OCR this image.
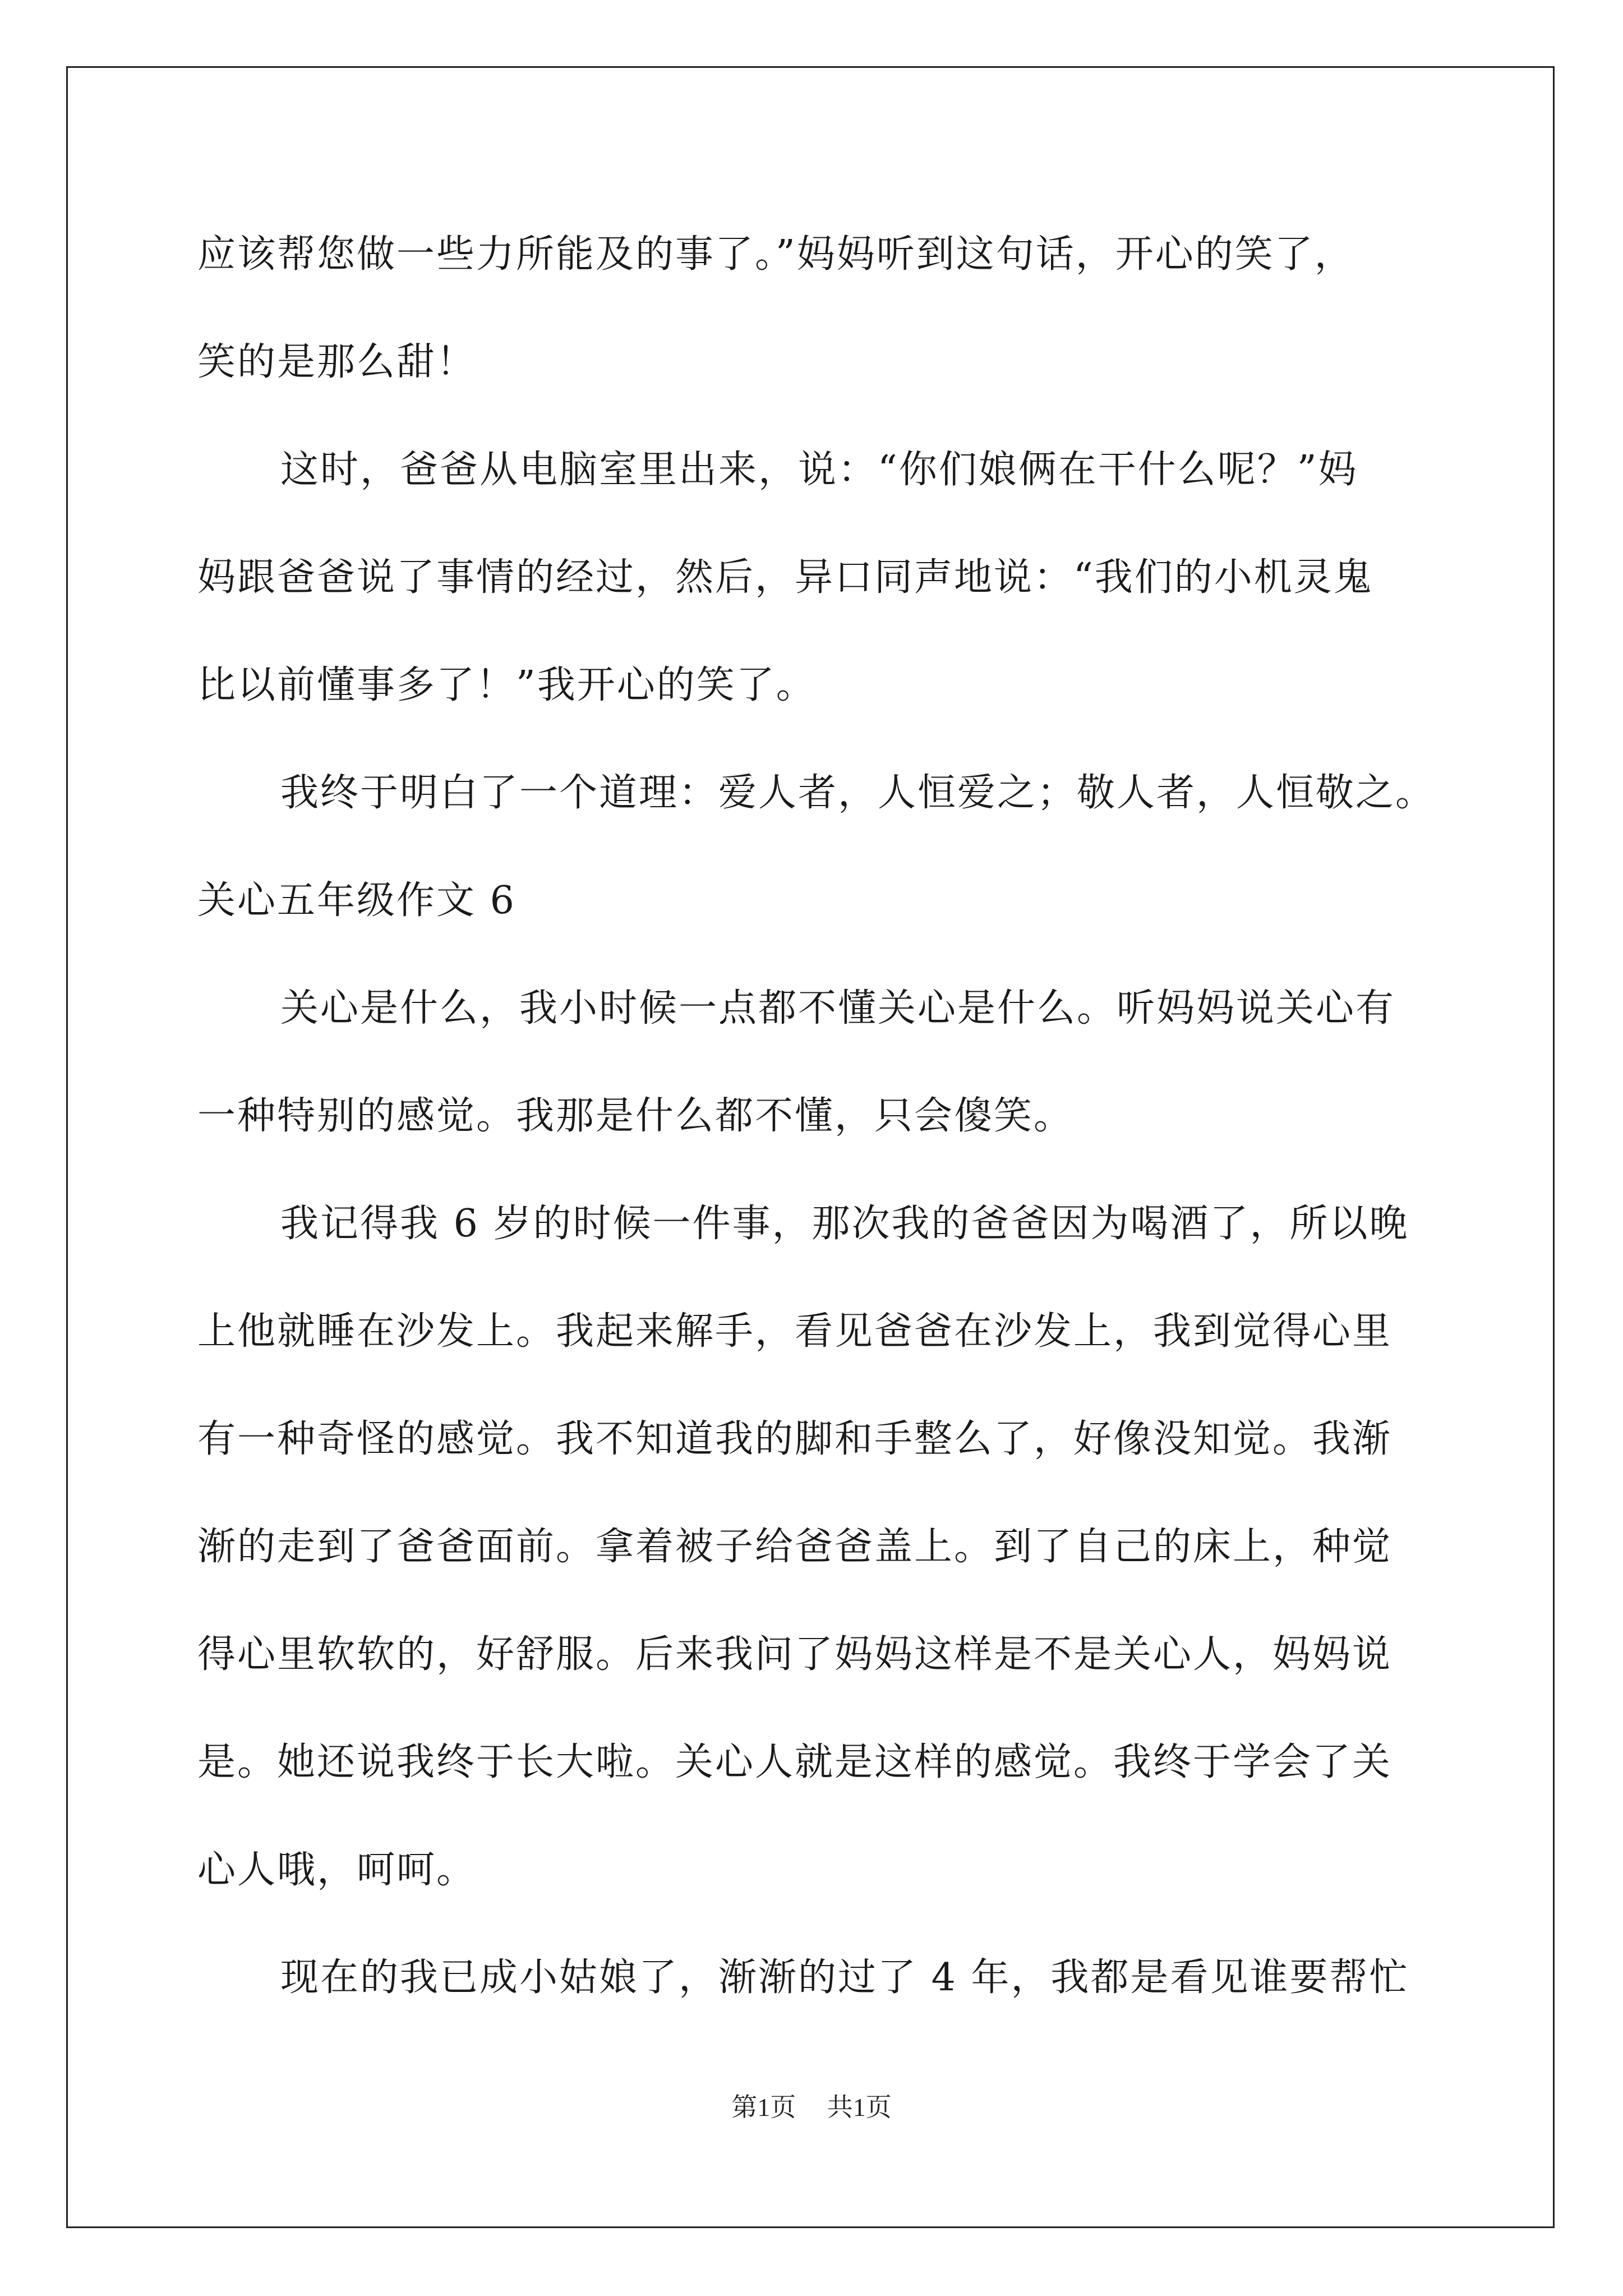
应该帮您做一些力所能及的事了。”妈妈听到这句话，开心的笑了，
笑的是那么甜！
这时，爸爸从电脑室里出来，说：“你们娘俩在干什么呢？”妈
妈跟爸爸说了事情的经过，然后，异口同声地说：“我们的小机灵鬼
比以前懂事多了！”我开心的笑了。
我终于明白了一个道理：爱人者，人恒爱之；敬人者，人恒敬之。
关心五年级作文 6
关心是什么，我小时候一点都不懂关心是什么。听妈妈说关心有
一种特别的感觉。我那是什么都不懂，只会傻笑。
我记得我 6 岁的时候一件事，那次我的爸爸因为喝酒了，所以晚
上他就睡在沙发上。我起来解手，看见爸爸在沙发上，我到觉得心里
有一种奇怪的感觉。我不知道我的脚和手整么了，好像没知觉。我渐
渐的走到了爸爸面前。拿着被子给爸爸盖上。到了自己的床上，种觉
得心里软软的，好舒服。后来我问了妈妈这样是不是关心人，妈妈说
是。她还说我终于长大啦。关心人就是这样的感觉。我终于学会了关
心人哦，呵呵。
现在的我已成小姑娘了，渐渐的过了 4 年，我都是看见谁要帮忙
第1页 共1页
